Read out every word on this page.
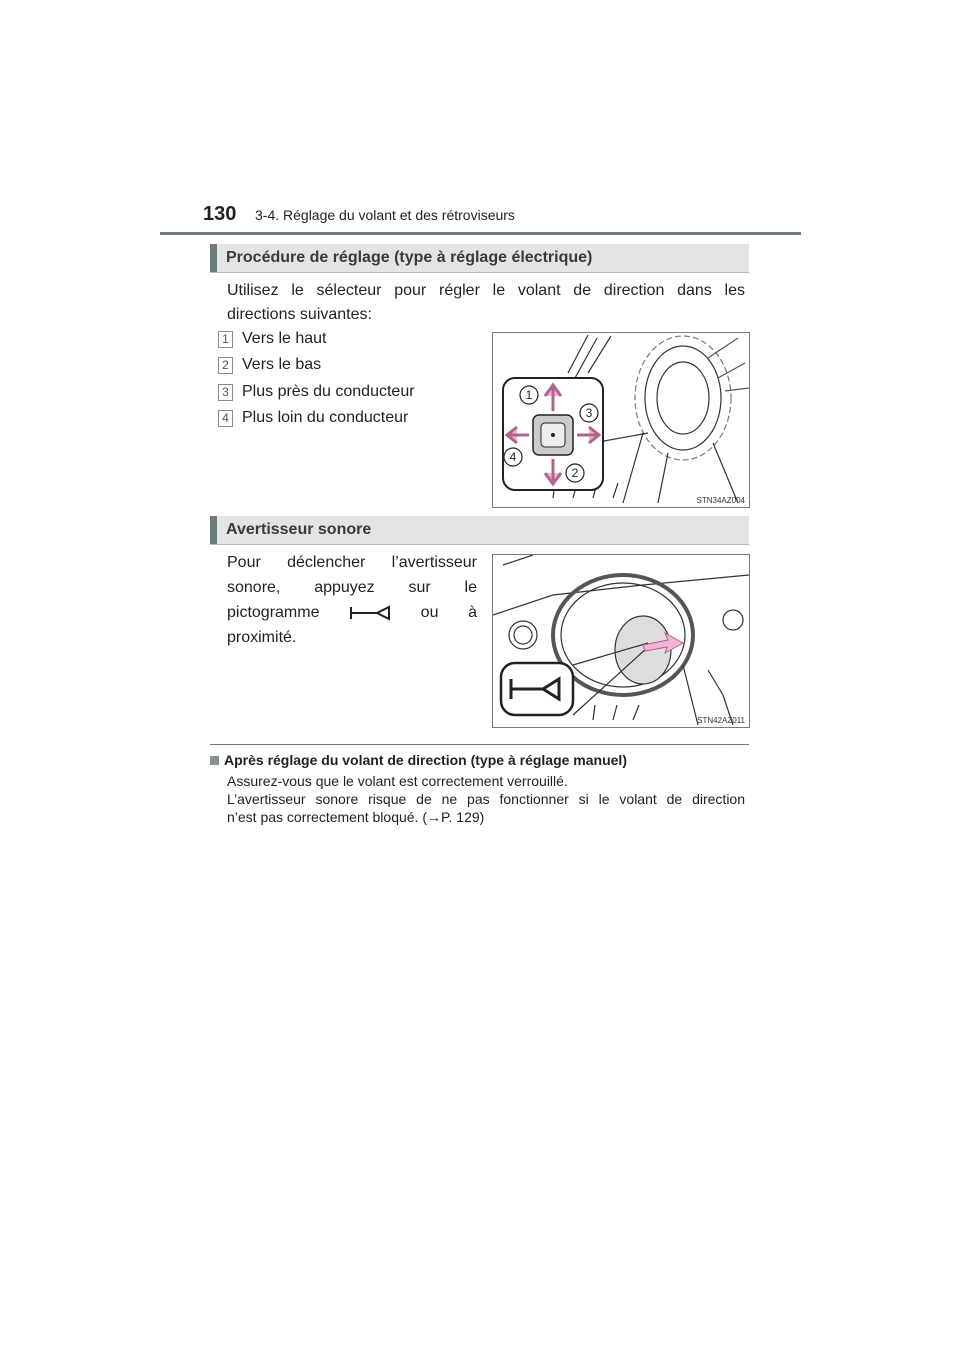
130 3-4. Réglage du volant et des rétroviseurs
Procédure de réglage (type à réglage électrique)
Utilisez le sélecteur pour régler le volant de direction dans les
directions suivantes:
1 Vers le haut
2 Vers le bas
3 Plus près du conducteur
4 Plus loin du conducteur
1
2
3
4
STN34AZ004
Avertisseur sonore
Pour déclencher l’avertisseur
sonore, appuyez sur le
pictogramme	ou à
proximité.
STN42AZ011
Après réglage du volant de direction (type à réglage manuel)
Assurez-vous que le volant est correctement verrouillé.
L’avertisseur sonore risque de ne pas fonctionner si le volant de direction
n’est pas correctement bloqué. (→P. 129)
